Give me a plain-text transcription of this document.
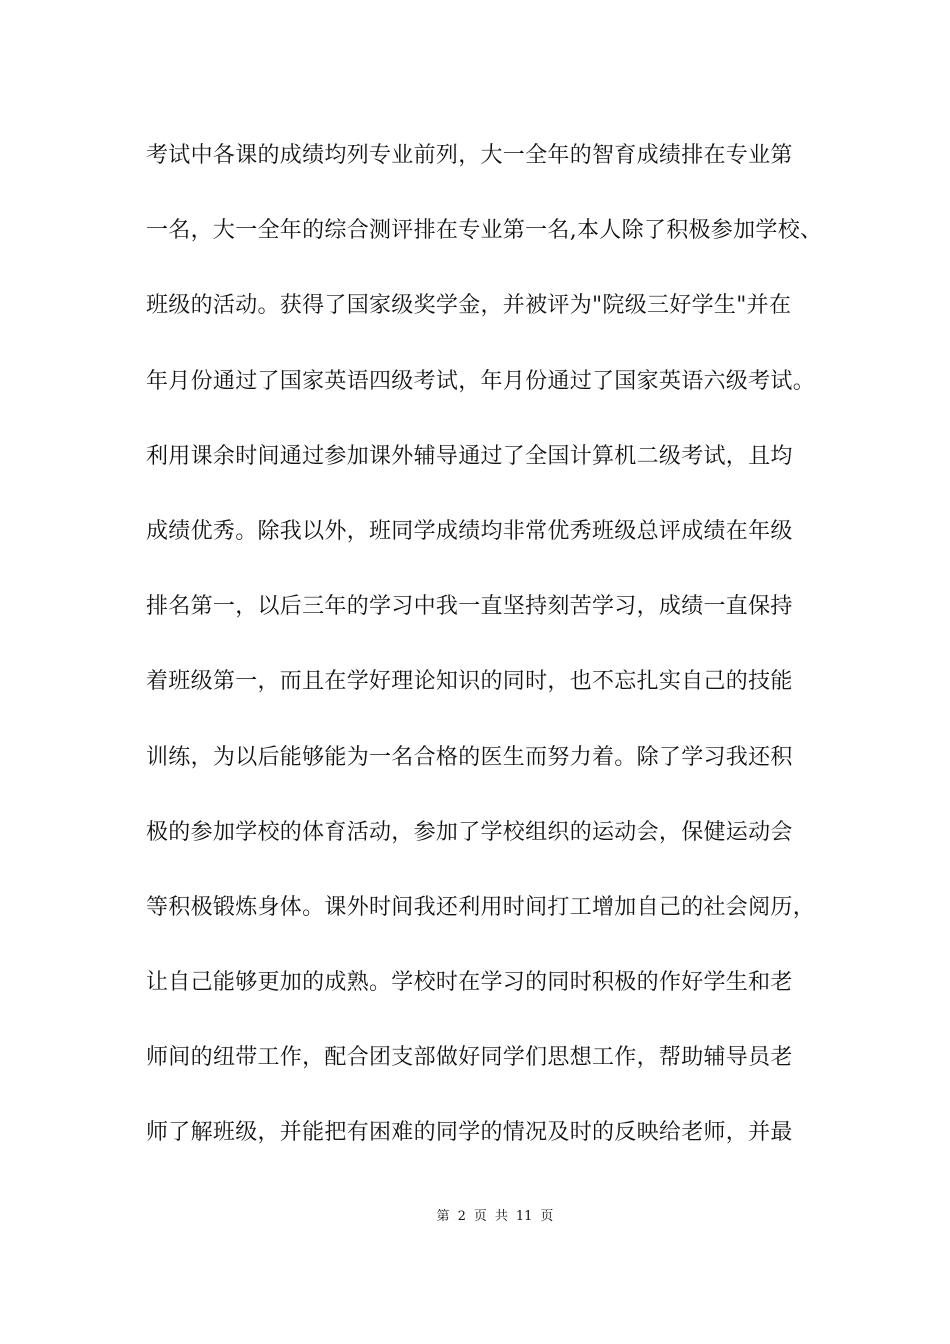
考试中各课的成绩均列专业前列，大一全年的智育成绩排在专业第
一名，大一全年的综合测评排在专业第一名,本人除了积极参加学校、
班级的活动。获得了国家级奖学金，并被评为"院级三好学生"并在
年月份通过了国家英语四级考试，年月份通过了国家英语六级考试。
利用课余时间通过参加课外辅导通过了全国计算机二级考试，且均
成绩优秀。除我以外，班同学成绩均非常优秀班级总评成绩在年级
排名第一，以后三年的学习中我一直坚持刻苦学习，成绩一直保持
着班级第一，而且在学好理论知识的同时，也不忘扎实自己的技能
训练，为以后能够能为一名合格的医生而努力着。除了学习我还积
极的参加学校的体育活动，参加了学校组织的运动会，保健运动会
等积极锻炼身体。课外时间我还利用时间打工增加自己的社会阅历，
让自己能够更加的成熟。学校时在学习的同时积极的作好学生和老
师间的纽带工作，配合团支部做好同学们思想工作，帮助辅导员老
师了解班级，并能把有困难的同学的情况及时的反映给老师，并最
第 2 页 共 11 页
